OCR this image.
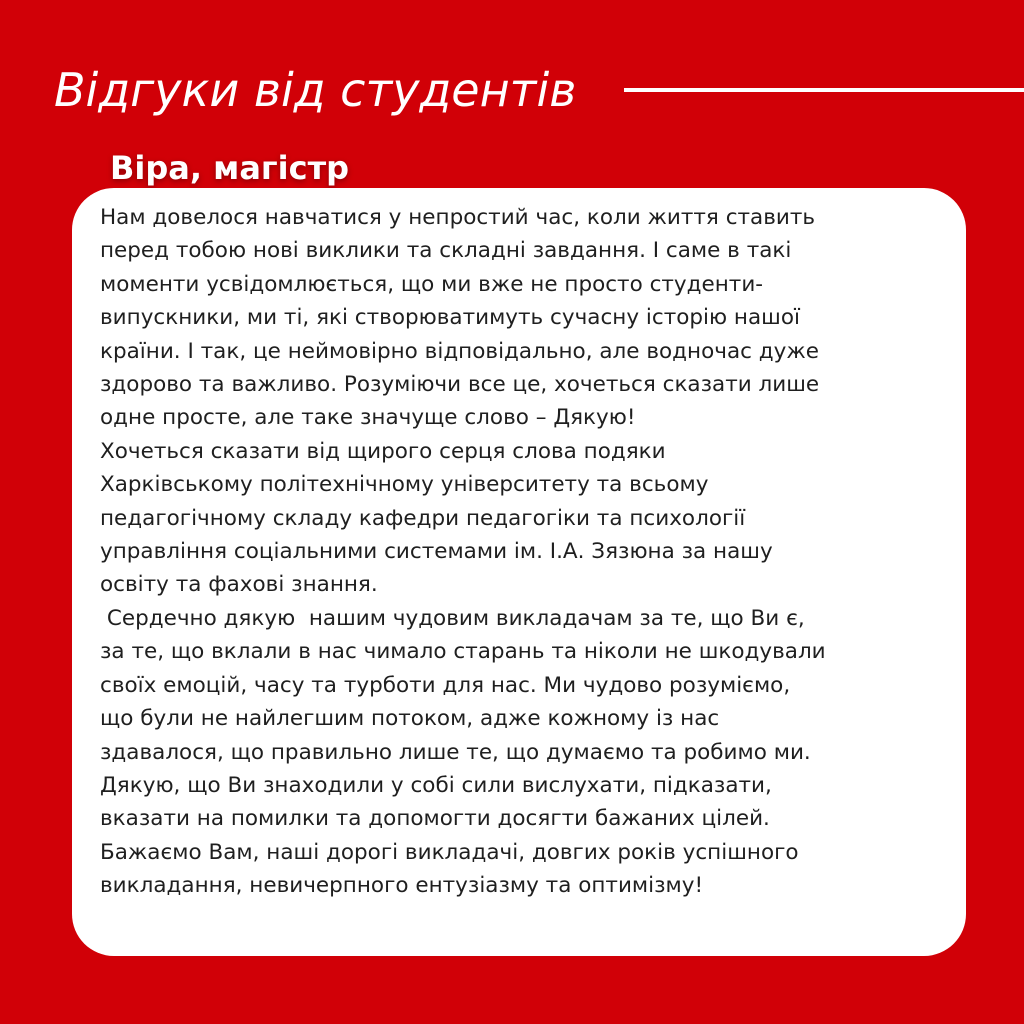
Відгуки від студентів
Віра, магістр
Нам довелося навчатися у непростий час, коли життя ставить
перед тобою нові виклики та складні завдання. І саме в такі
моменти усвідомлюється, що ми вже не просто студенти-
випускники, ми ті, які створюватимуть сучасну історію нашої
країни. І так, це неймовірно відповідально, але водночас дуже
здорово та важливо. Розуміючи все це, хочеться сказати лише
одне просте, але таке значуще слово – Дякую!
Хочеться сказати від щирого серця слова подяки
Харківському політехнічному університету та всьому
педагогічному складу кафедри педагогіки та психології
управління соціальними системами ім. І.А. Зязюна за нашу
освіту та фахові знання.
Сердечно дякую  нашим чудовим викладачам за те, що Ви є,
за те, що вклали в нас чимало старань та ніколи не шкодували
своїх емоцій, часу та турботи для нас. Ми чудово розуміємо,
що були не найлегшим потоком, адже кожному із нас
здавалося, що правильно лише те, що думаємо та робимо ми.
Дякую, що Ви знаходили у собі сили вислухати, підказати,
вказати на помилки та допомогти досягти бажаних цілей.
Бажаємо Вам, наші дорогі викладачі, довгих років успішного
викладання, невичерпного ентузіазму та оптимізму!
